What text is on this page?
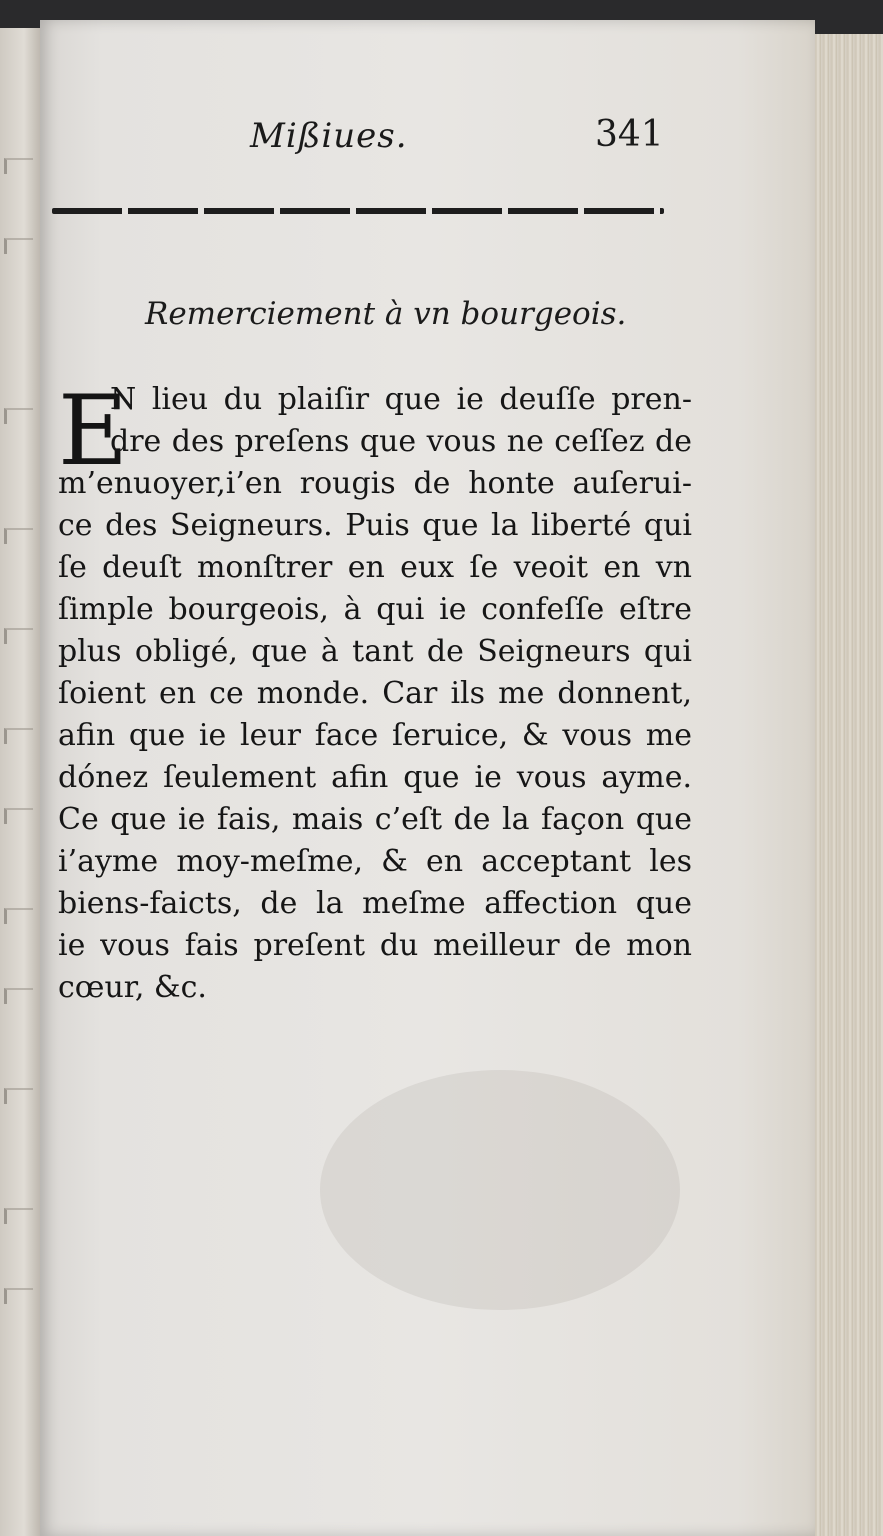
Mißiues.	341
Remerciement à vn bourgeois.
E
N lieu du plaiſir que ie deuſſe pren-
dre des preſens que vous ne ceſſez de
m’enuoyer,i’en rougis de honte auſerui-
ce des Seigneurs. Puis que la liberté qui
ſe deuſt monſtrer en eux ſe veoit en vn
ſimple bourgeois, à qui ie confeſſe eſtre
plus obligé, que à tant de Seigneurs qui
ſoient en ce monde. Car ils me donnent,
afin que ie leur face ſeruice, & vous me
dónez ſeulement afin que ie vous ayme.
Ce que ie fais, mais c’eſt de la façon que
i’ayme moy-meſme, & en acceptant les
biens-faicts, de la meſme affection que
ie vous fais preſent du meilleur de mon
cœur, &c.
